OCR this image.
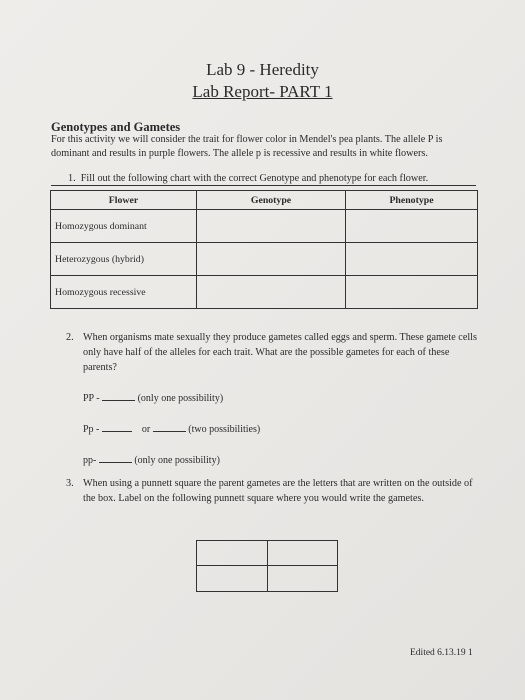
Lab 9 - Heredity
Lab Report- PART 1
Genotypes and Gametes
For this activity we will consider the trait for flower color in Mendel's pea plants. The allele P is dominant and results in purple flowers. The allele p is recessive and results in white flowers.
1. Fill out the following chart with the correct Genotype and phenotype for each flower.
Flower	Genotype	Phenotype
Homozygous dominant		
Heterozygous (hybrid)		
Homozygous recessive		
2. When organisms mate sexually they produce gametes called eggs and sperm. These gamete cells only have half of the alleles for each trait. What are the possible gametes for each of these parents?
PP -	(only one possibility)
Pp -	or	(two possibilities)
pp-	(only one possibility)
3. When using a punnett square the parent gametes are the letters that are written on the outside of the box. Label on the following punnett square where you would write the gametes.
Edited 6.13.19 1
